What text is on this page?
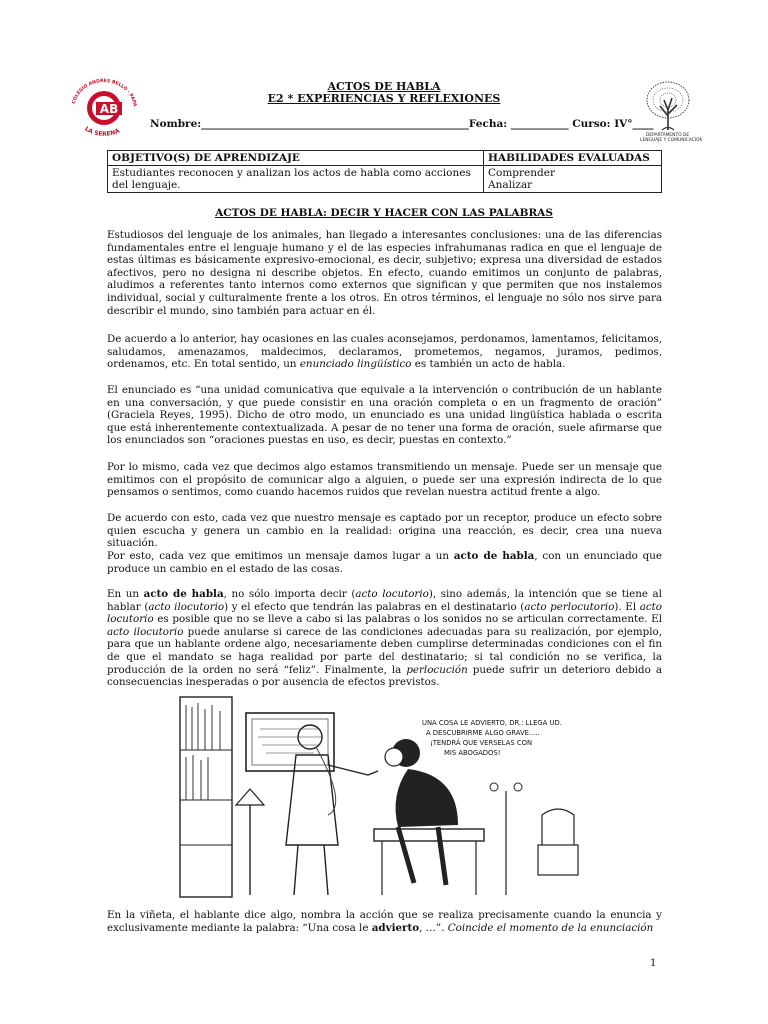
ACTOS DE HABLA
E2 * EXPERIENCIAS Y REFLEXIONES
COLEGIO ANDRES BELLO - PAPA
AB
LA SERENA	DEPARTAMENTO DE LENGUAJE Y COMUNICACIÓN
Nombre:___________________________________________________Fecha: ___________ Curso: IV°____
OBJETIVO(S) DE APRENDIZAJE	HABILIDADES EVALUADAS
Estudiantes reconocen y analizan los actos de habla como acciones del lenguaje.	Comprender
Analizar
ACTOS DE HABLA: DECIR Y HACER CON LAS PALABRAS
Estudiosos del lenguaje de los animales, han llegado a interesantes conclusiones: una de las diferencias fundamentales entre el lenguaje humano y el de las especies infrahumanas radica en que el lenguaje de estas últimas es básicamente expresivo-emocional, es decir, subjetivo; expresa una diversidad de estados afectivos, pero no designa ni describe objetos. En efecto, cuando emitimos un conjunto de palabras, aludimos a referentes tanto internos como externos que significan y que permiten que nos instalemos individual, social y culturalmente frente a los otros. En otros términos, el lenguaje no sólo nos sirve para describir el mundo, sino también para actuar en él.
De acuerdo a lo anterior, hay ocasiones en las cuales aconsejamos, perdonamos, lamentamos, felicitamos, saludamos, amenazamos, maldecimos, declaramos, prometemos, negamos, juramos, pedimos, ordenamos, etc. En total sentido, un enunciado lingüístico es también un acto de habla.
El enunciado es “una unidad comunicativa que equivale a la intervención o contribución de un hablante en una conversación, y que puede consistir en una oración completa o en un fragmento de oración” (Graciela Reyes, 1995). Dicho de otro modo, un enunciado es una unidad lingüística hablada o escrita que está inherentemente contextualizada. A pesar de no tener una forma de oración, suele afirmarse que los enunciados son “oraciones puestas en uso, es decir, puestas en contexto.”
Por lo mismo, cada vez que decimos algo estamos transmitiendo un mensaje. Puede ser un mensaje que emitimos con el propósito de comunicar algo a alguien, o puede ser una expresión indirecta de lo que pensamos o sentimos, como cuando hacemos ruidos que revelan nuestra actitud frente a algo.
De acuerdo con esto, cada vez que nuestro mensaje es captado por un receptor, produce un efecto sobre quien escucha y genera un cambio en la realidad: origina una reacción, es decir, crea una nueva situación.
Por esto, cada vez que emitimos un mensaje damos lugar a un acto de habla, con un enunciado que produce un cambio en el estado de las cosas.
En un acto de habla, no sólo importa decir (acto locutorio), sino además, la intención que se tiene al hablar (acto ilocutorio) y el efecto que tendrán las palabras en el destinatario (acto perlocutorio). El acto locutorio es posible que no se lleve a cabo si las palabras o los sonidos no se articulan correctamente. El acto ilocutorio puede anularse si carece de las condiciones adecuadas para su realización, por ejemplo, para que un hablante ordene algo, necesariamente deben cumplirse determinadas condiciones con el fin de que el mandato se haga realidad por parte del destinatario; si tal condición no se verifica, la producción de la orden no será “feliz”. Finalmente, la perlocución puede sufrir un deterioro debido a consecuencias inesperadas o por ausencia de efectos previstos.
UNA COSA LE ADVIERTO, DR.: LLEGA UD.
A DESCUBRIRME ALGO GRAVE.....
¡TENDRÁ QUE VERSELAS CON
MIS ABOGADOS!
En la viñeta, el hablante dice algo, nombra la acción que se realiza precisamente cuando la enuncia y exclusivamente mediante la palabra: “Una cosa le advierto, …”. Coincide el momento de la enunciación
1
